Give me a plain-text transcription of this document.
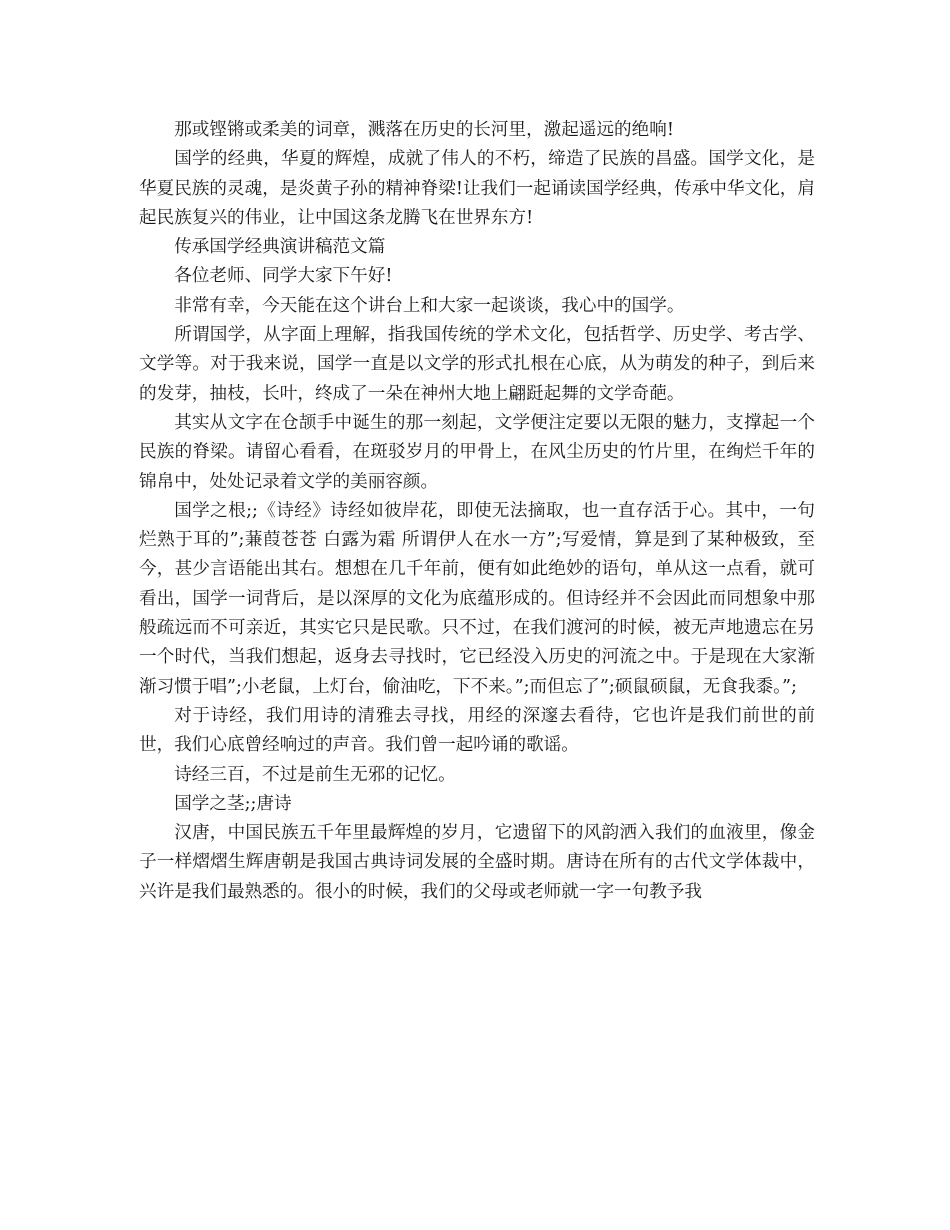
那或铿锵或柔美的词章，溅落在历史的长河里，激起遥远的绝响!

国学的经典，华夏的辉煌，成就了伟人的不朽，缔造了民族的昌盛。国学文化，是华夏民族的灵魂，是炎黄子孙的精神脊梁!让我们一起诵读国学经典，传承中华文化，肩起民族复兴的伟业，让中国这条龙腾飞在世界东方!

传承国学经典演讲稿范文篇

各位老师、同学大家下午好!

非常有幸，今天能在这个讲台上和大家一起谈谈，我心中的国学。

所谓国学，从字面上理解，指我国传统的学术文化，包括哲学、历史学、考古学、文学等。对于我来说，国学一直是以文学的形式扎根在心底，从为萌发的种子，到后来的发芽，抽枝，长叶，终成了一朵在神州大地上翩跹起舞的文学奇葩。

其实从文字在仓颉手中诞生的那一刻起，文学便注定要以无限的魅力，支撑起一个民族的脊梁。请留心看看，在斑驳岁月的甲骨上，在风尘历史的竹片里，在绚烂千年的锦帛中，处处记录着文学的美丽容颜。

国学之根;;《诗经》诗经如彼岸花，即使无法摘取，也一直存活于心。其中，一句烂熟于耳的”;蒹葭苍苍 白露为霜 所谓伊人在水一方”;写爱情，算是到了某种极致，至今，甚少言语能出其右。想想在几千年前，便有如此绝妙的语句，单从这一点看，就可看出，国学一词背后，是以深厚的文化为底蕴形成的。但诗经并不会因此而同想象中那般疏远而不可亲近，其实它只是民歌。只不过，在我们渡河的时候，被无声地遗忘在另一个时代，当我们想起，返身去寻找时，它已经没入历史的河流之中。于是现在大家渐渐习惯于唱”;小老鼠，上灯台，偷油吃，下不来。”;而但忘了”;硕鼠硕鼠，无食我黍。”;

对于诗经，我们用诗的清雅去寻找，用经的深邃去看待，它也许是我们前世的前世，我们心底曾经响过的声音。我们曾一起吟诵的歌谣。

诗经三百，不过是前生无邪的记忆。

国学之茎;;唐诗

汉唐，中国民族五千年里最辉煌的岁月，它遗留下的风韵洒入我们的血液里，像金子一样熠熠生辉唐朝是我国古典诗词发展的全盛时期。唐诗在所有的古代文学体裁中，兴许是我们最熟悉的。很小的时候，我们的父母或老师就一字一句教予我
